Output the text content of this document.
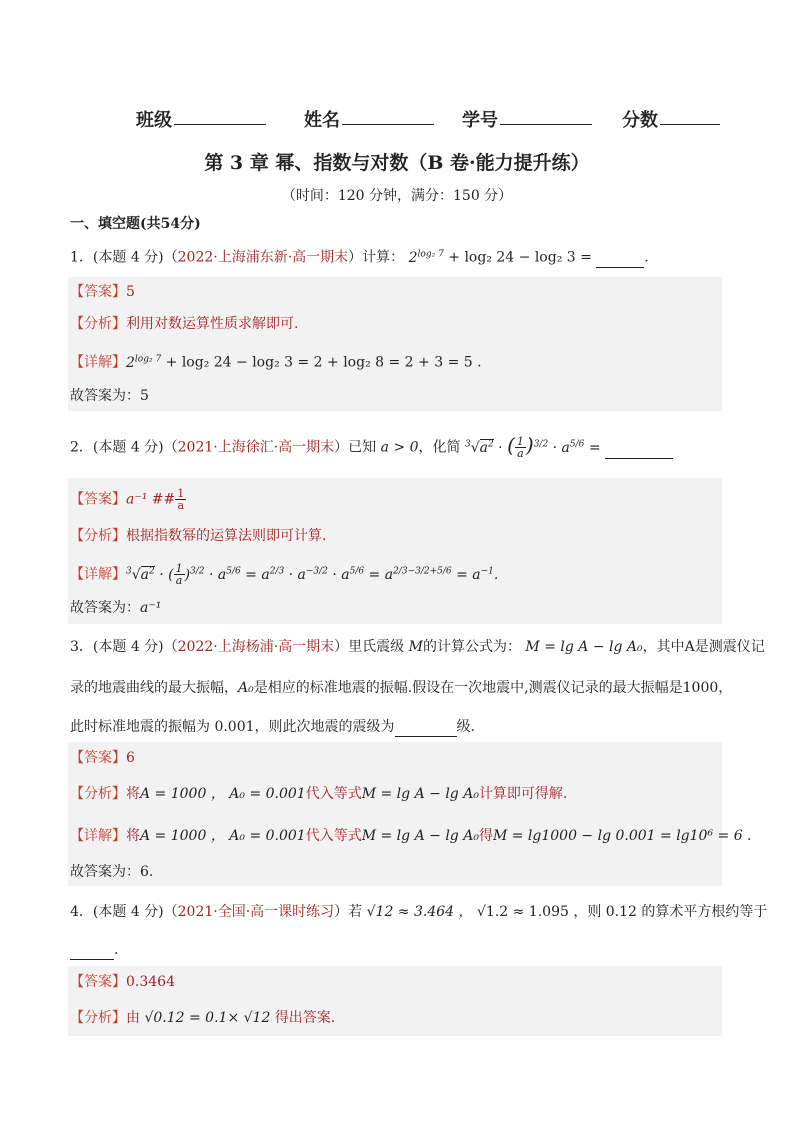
班级	姓名	学号	分数
第 3 章 幂、指数与对数（B 卷·能力提升练）
（时间：120 分钟，满分：150 分）
一、填空题(共54分)
1．(本题 4 分)（2022·上海浦东新·高一期末）计算： $2^{log_2 7} + \log_2$ 24 − log₂ 3 =	.
【答案】5
【分析】利用对数运算性质求解即可.
【详解】$2^{log_2 7} + \log_2$ 24 − log₂ 3 = 2 + log₂ 8 = 2 + 3 = 5 .
故答案为：5
2．(本题 4 分)（2021·上海徐汇·高一期末）已知 a > 0，化简 $^3√a^2$ · ( $\frac{1}{a} )^{3/2} \cdot a^{5/6}$ =
【答案】a⁻¹ ## $\frac{1}{a}$
【分析】根据指数幂的运算法则即可计算.
【详解】$^3√a^2$ · ( $\frac{1}{a} )^{3/2} \cdot a^{5/6} = a^{2/3} \cdot a^{-3/2} \cdot a^{5/6} = a^{2/3-3/2+5/6} = a^{-1}$.
故答案为：a⁻¹
3．(本题 4 分)（2022·上海杨浦·高一期末）里氏震级 M的计算公式为： M = lg A − lg A₀，其中A是测震仪记
录的地震曲线的最大振幅，A₀是相应的标准地震的振幅.假设在一次地震中,测震仪记录的最大振幅是1000，
此时标准地震的振幅为 0.001，则此次地震的震级为	级.
【答案】6
【分析】将A = 1000 ， A₀ = 0.001代入等式M = lg A − lg A₀计算即可得解.
【详解】将A = 1000 ， A₀ = 0.001代入等式M = lg A − lg A₀得M = lg1000 − lg 0.001 = lg10⁶ = 6 .
故答案为：6.
4．(本题 4 分)（2021·全国·高一课时练习）若 √12 ≈ 3.464 ， √1.2 ≈ 1.095 ，则 0.12 的算术平方根约等于
.
【答案】0.3464
【分析】由 √0.12 = 0.1× √12 得出答案.
